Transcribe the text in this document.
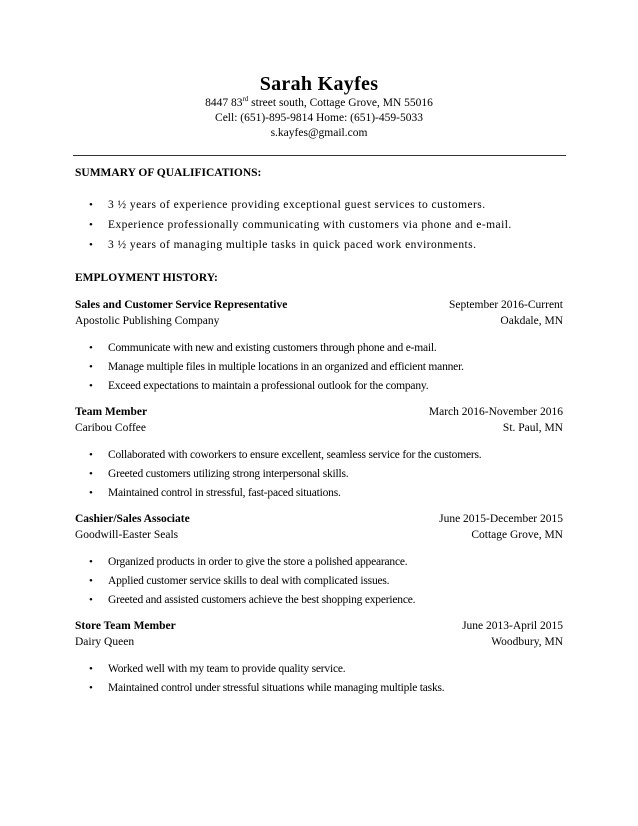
Sarah Kayfes
8447 83rd street south, Cottage Grove, MN 55016
Cell: (651)-895-9814 Home: (651)-459-5033
s.kayfes@gmail.com
SUMMARY OF QUALIFICATIONS:
• 3 ½ years of experience providing exceptional guest services to customers.
• Experience professionally communicating with customers via phone and e-mail.
• 3 ½ years of managing multiple tasks in quick paced work environments.
EMPLOYMENT HISTORY:
Sales and Customer Service Representative	September 2016-Current
Apostolic Publishing Company	Oakdale, MN
• Communicate with new and existing customers through phone and e-mail.
• Manage multiple files in multiple locations in an organized and efficient manner.
• Exceed expectations to maintain a professional outlook for the company.
Team Member	March 2016-November 2016
Caribou Coffee	St. Paul, MN
• Collaborated with coworkers to ensure excellent, seamless service for the customers.
• Greeted customers utilizing strong interpersonal skills.
• Maintained control in stressful, fast-paced situations.
Cashier/Sales Associate	June 2015-December 2015
Goodwill-Easter Seals	Cottage Grove, MN
• Organized products in order to give the store a polished appearance.
• Applied customer service skills to deal with complicated issues.
• Greeted and assisted customers achieve the best shopping experience.
Store Team Member	June 2013-April 2015
Dairy Queen	Woodbury, MN
• Worked well with my team to provide quality service.
• Maintained control under stressful situations while managing multiple tasks.
